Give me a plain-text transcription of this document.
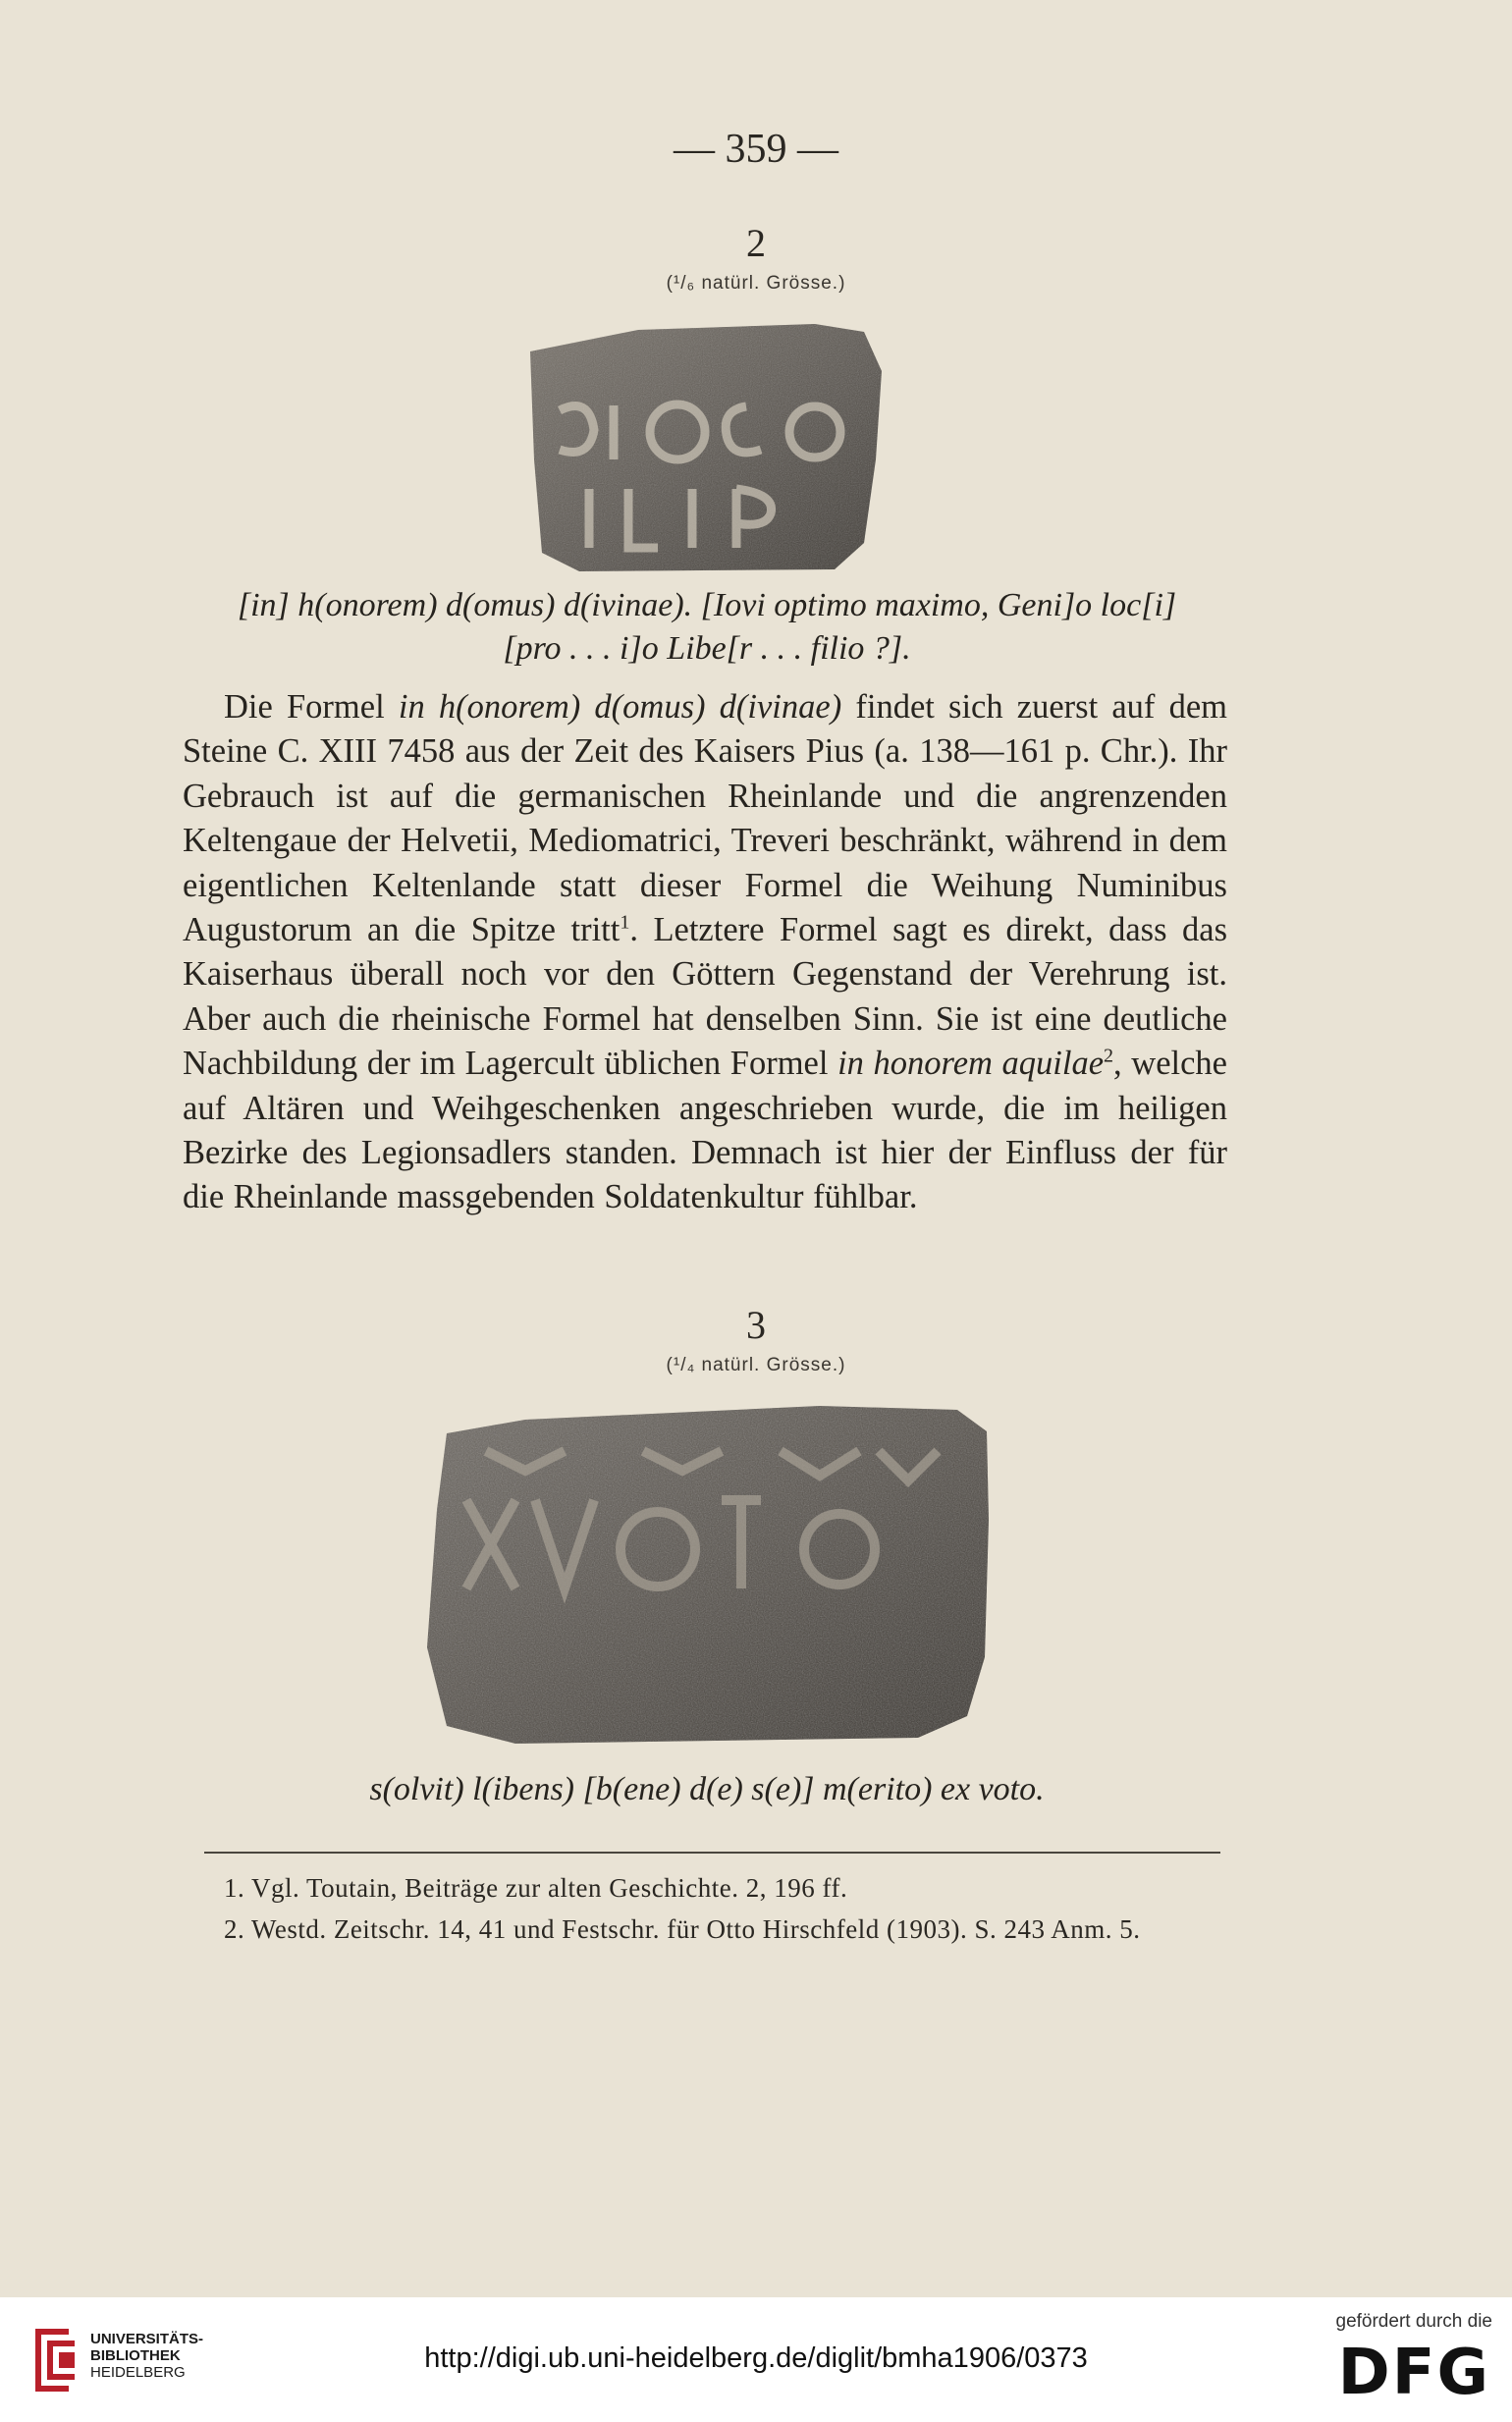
— 359 —
2
(¹/₆ natürl. Grösse.)
[in] h(onorem) d(omus) d(ivinae). [Iovi optimo maximo, Geni]o loc[i]
[pro . . . i]o Libe[r . . . filio ?].
Die Formel in h(onorem) d(omus) d(ivinae) findet sich zuerst auf dem Steine C. XIII 7458 aus der Zeit des Kaisers Pius (a. 138—161 p. Chr.). Ihr Gebrauch ist auf die germanischen Rheinlande und die angrenzenden Keltengaue der Helvetii, Mediomatrici, Treveri beschränkt, während in dem eigentlichen Keltenlande statt dieser Formel die Weihung Numinibus Augustorum an die Spitze tritt$^1$. Letztere Formel sagt es direkt, dass das Kaiserhaus überall noch vor den Göttern Gegenstand der Verehrung ist. Aber auch die rheinische Formel hat denselben Sinn. Sie ist eine deutliche Nachbildung der im Lagercult üblichen Formel in honorem aquilae$^2$, welche auf Altären und Weihgeschenken angeschrieben wurde, die im heiligen Bezirke des Legionsadlers standen. Demnach ist hier der Einfluss der für die Rheinlande massgebenden Soldatenkultur fühlbar.
3
(¹/₄ natürl. Grösse.)
s(olvit) l(ibens) [b(ene) d(e) s(e)] m(erito) ex voto.
1. Vgl. Toutain, Beiträge zur alten Geschichte. 2, 196 ff.
2. Westd. Zeitschr. 14, 41 und Festschr. für Otto Hirschfeld (1903). S. 243 Anm. 5.
UNIVERSITÄTS-
BIBLIOTHEK
HEIDELBERG	http://digi.ub.uni-heidelberg.de/diglit/bmha1906/0373
gefördert durch die
DFG
